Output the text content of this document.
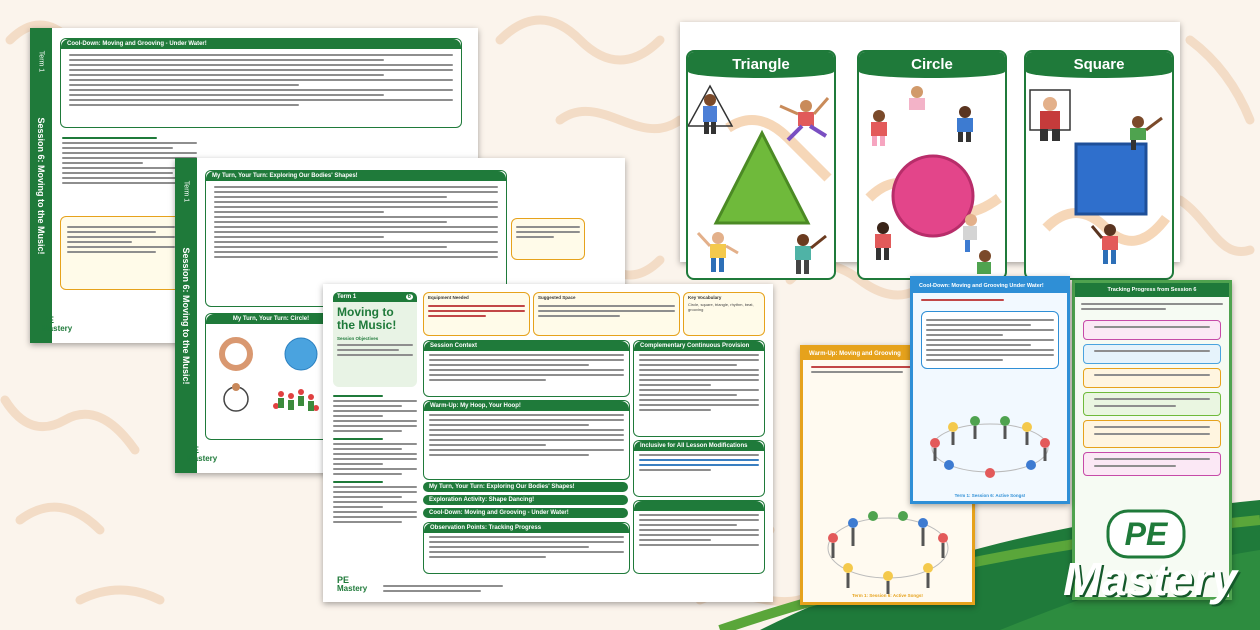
Term 1
Session 6: Moving to the Music!
Cool-Down: Moving and Grooving - Under Water!
PE
Mastery
Term 1
Session 6: Moving to the Music!
My Turn, Your Turn: Exploring Our Bodies' Shapes!
My Turn, Your Turn: Circle!
PE
Mastery
Term 1	6
Moving to
the Music!
Session Objectives
Equipment Needed	Suggested Space	Key Vocabulary
Circle, square, triangle, rhythm, beat, grooving
Session Context
Warm-Up: My Hoop, Your Hoop!
My Turn, Your Turn: Exploring Our Bodies' Shapes!
Exploration Activity: Shape Dancing!
Cool-Down: Moving and Grooving - Under Water!
Observation Points: Tracking Progress
Complementary Continuous Provision
Inclusive for All Lesson Modifications

PE
Mastery
Triangle	Circle	Square
Warm-Up: Moving and Grooving
Term 1: Session 6: Active Songs!
Tracking Progress from Session 6
Cool-Down: Moving and Grooving Under Water!
Term 1: Session 6: Active Songs!
PE
Mastery
